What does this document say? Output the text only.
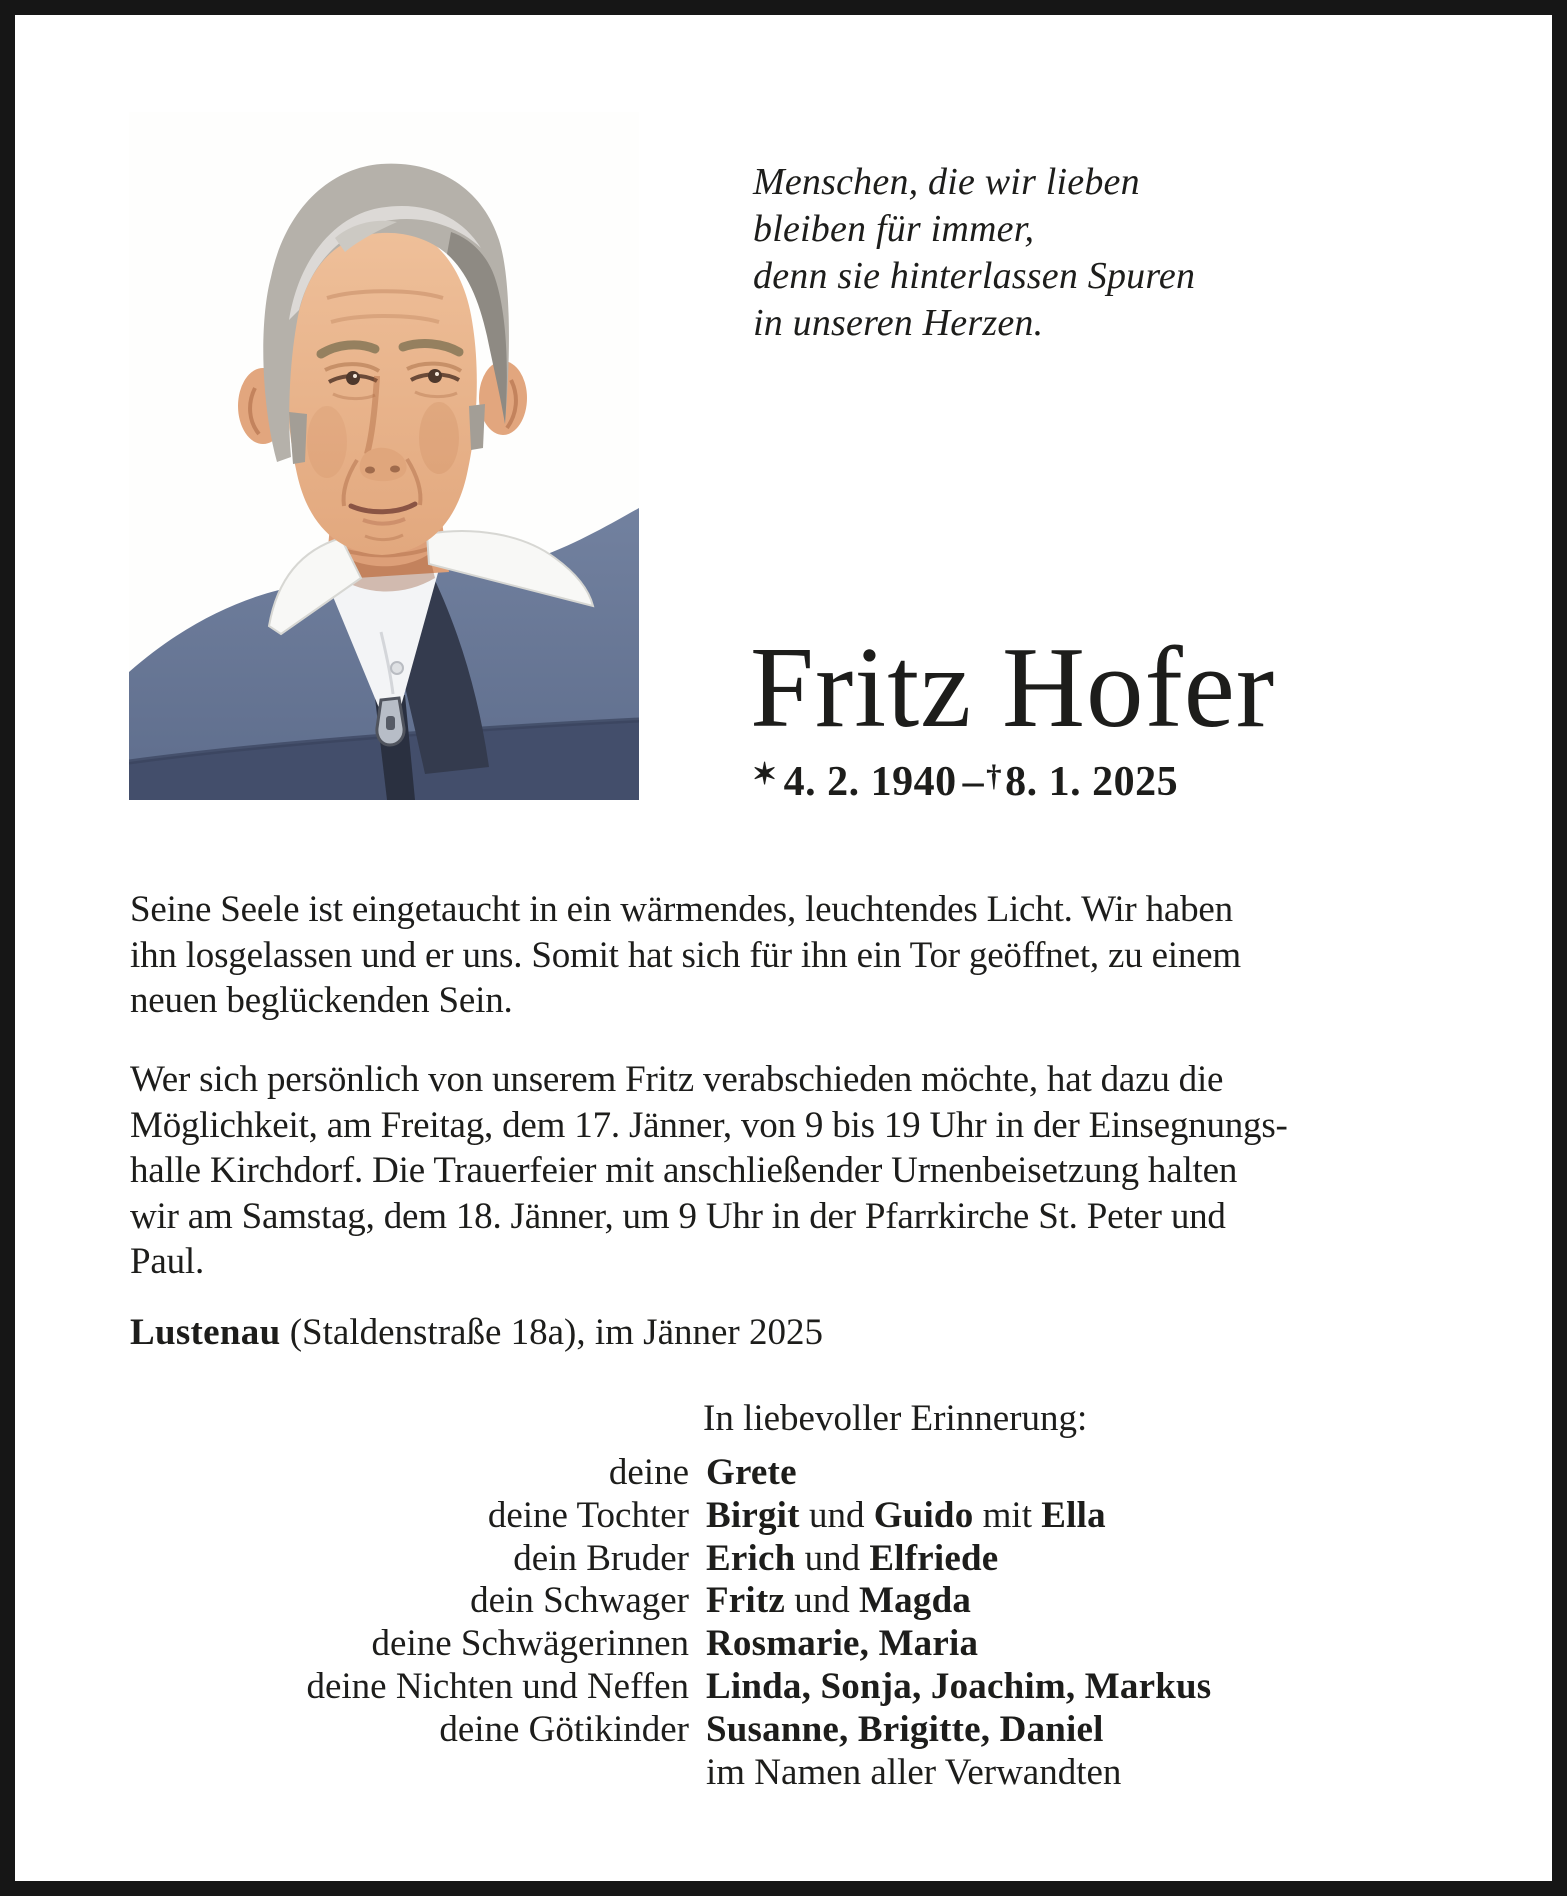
Menschen, die wir lieben
bleiben für immer,
denn sie hinterlassen Spuren
in unseren Herzen.
Fritz Hofer
✶ 4. 2. 1940 –†8. 1. 2025
Seine Seele ist eingetaucht in ein wärmendes, leuchtendes Licht. Wir haben
ihn losgelassen und er uns. Somit hat sich für ihn ein Tor geöffnet, zu einem
neuen beglückenden Sein.
Wer sich persönlich von unserem Fritz verabschieden möchte, hat dazu die
Möglichkeit, am Freitag, dem 17. Jänner, von 9 bis 19 Uhr in der Einsegnungs-
halle Kirchdorf. Die Trauerfeier mit anschließender Urnenbeisetzung halten
wir am Samstag, dem 18. Jänner, um 9 Uhr in der Pfarrkirche St. Peter und
Paul.
Lustenau (Staldenstraße 18a), im Jänner 2025
In liebevoller Erinnerung:
deine Grete
deine Tochter Birgit und Guido mit Ella
dein Bruder Erich und Elfriede
dein Schwager Fritz und Magda
deine Schwägerinnen Rosmarie, Maria
deine Nichten und Neffen Linda, Sonja, Joachim, Markus
deine Götikinder Susanne, Brigitte, Daniel
im Namen aller Verwandten
